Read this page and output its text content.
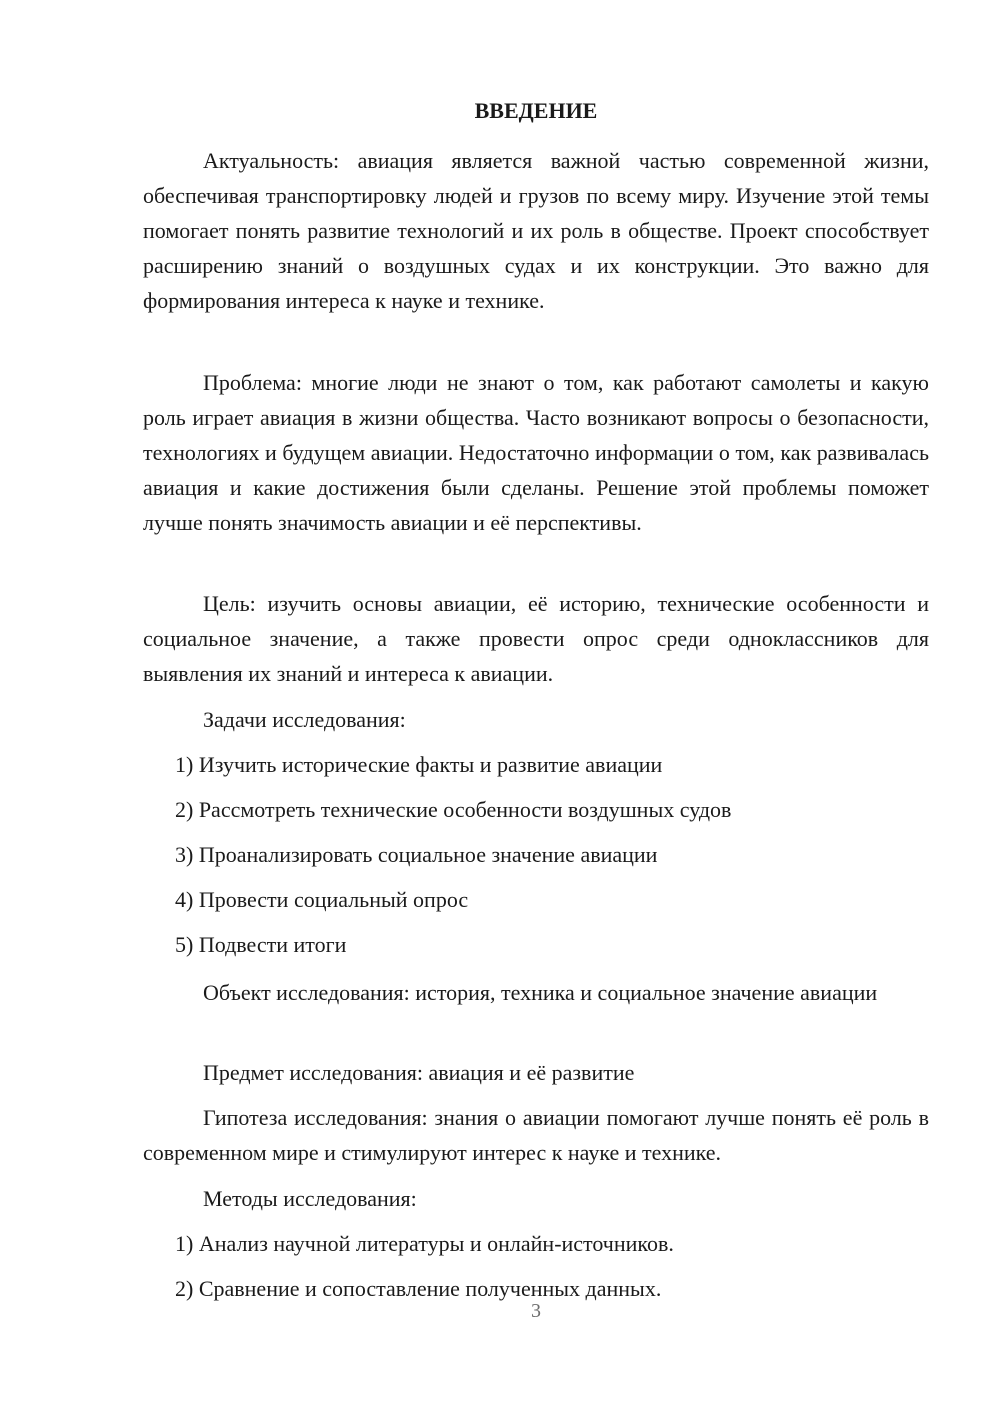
ВВЕДЕНИЕ

Актуальность: авиация является важной частью современной жизни, обеспечивая транспортировку людей и грузов по всему миру. Изучение этой темы помогает понять развитие технологий и их роль в обществе. Проект способствует расширению знаний о воздушных судах и их конструкции. Это важно для формирования интереса к науке и технике.

Проблема: многие люди не знают о том, как работают самолеты и какую роль играет авиация в жизни общества. Часто возникают вопросы о безопасности, технологиях и будущем авиации. Недостаточно информации о том, как развивалась авиация и какие достижения были сделаны. Решение этой проблемы поможет лучше понять значимость авиации и её перспективы.

Цель: изучить основы авиации, её историю, технические особенности и социальное значение, а также провести опрос среди одноклассников для выявления их знаний и интереса к авиации.

Задачи исследования:

1) Изучить исторические факты и развитие авиации

2) Рассмотреть технические особенности воздушных судов

3) Проанализировать социальное значение авиации

4) Провести социальный опрос

5) Подвести итоги

Объект исследования: история, техника и социальное значение авиации

Предмет исследования: авиация и её развитие

Гипотеза исследования: знания о авиации помогают лучше понять её роль в современном мире и стимулируют интерес к науке и технике.

Методы исследования:

1) Анализ научной литературы и онлайн-источников.

2) Сравнение и сопоставление полученных данных.

3
